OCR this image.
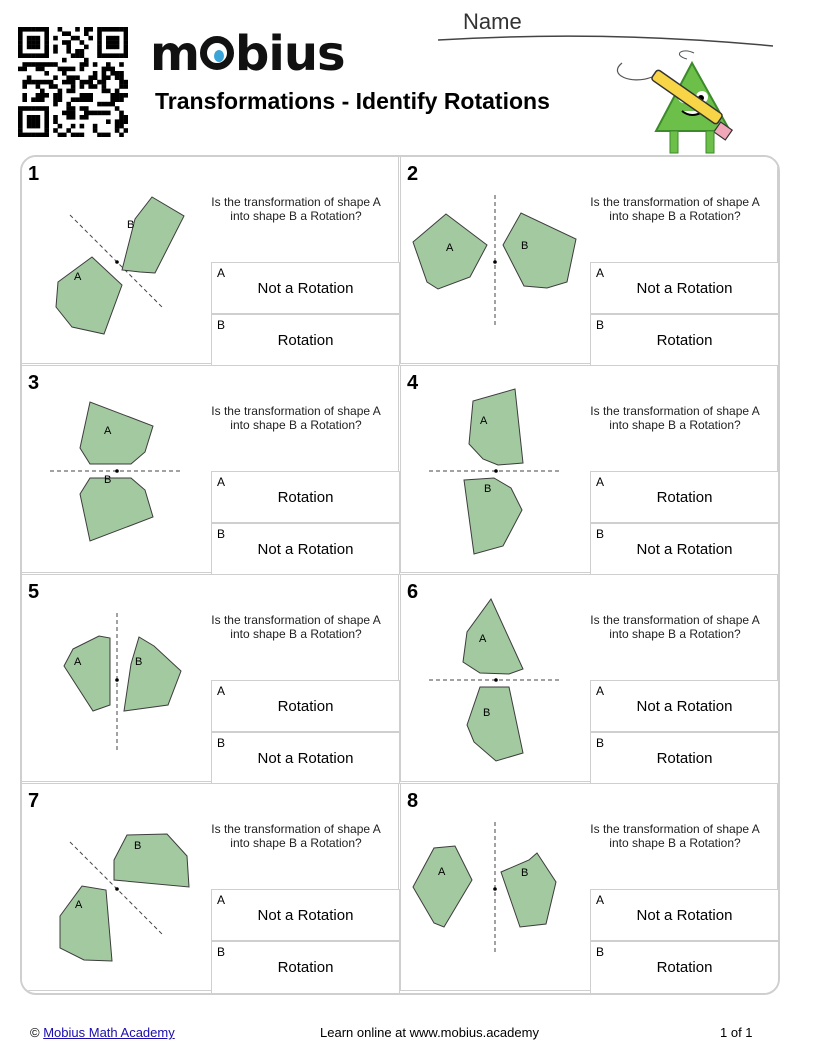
m bius
Transformations - Identify Rotations
Name
1
A
B
Is the transformation of shape A into shape B a Rotation?
A
Not a Rotation
B
Rotation
2
A	B
Is the transformation of shape A into shape B a Rotation?
A
Not a Rotation
B
Rotation
3
A
B
Is the transformation of shape A into shape B a Rotation?
A
Rotation
B
Not a Rotation
4
A
B
Is the transformation of shape A into shape B a Rotation?
A
Rotation
B
Not a Rotation
5
A	B
Is the transformation of shape A into shape B a Rotation?
A
Rotation
B
Not a Rotation
6
A
B
Is the transformation of shape A into shape B a Rotation?
A
Not a Rotation
B
Rotation
7
A
B
Is the transformation of shape A into shape B a Rotation?
A
Not a Rotation
B
Rotation
8
A	B
Is the transformation of shape A into shape B a Rotation?
A
Not a Rotation
B
Rotation
© Mobius Math Academy	Learn online at www.mobius.academy	1 of 1
